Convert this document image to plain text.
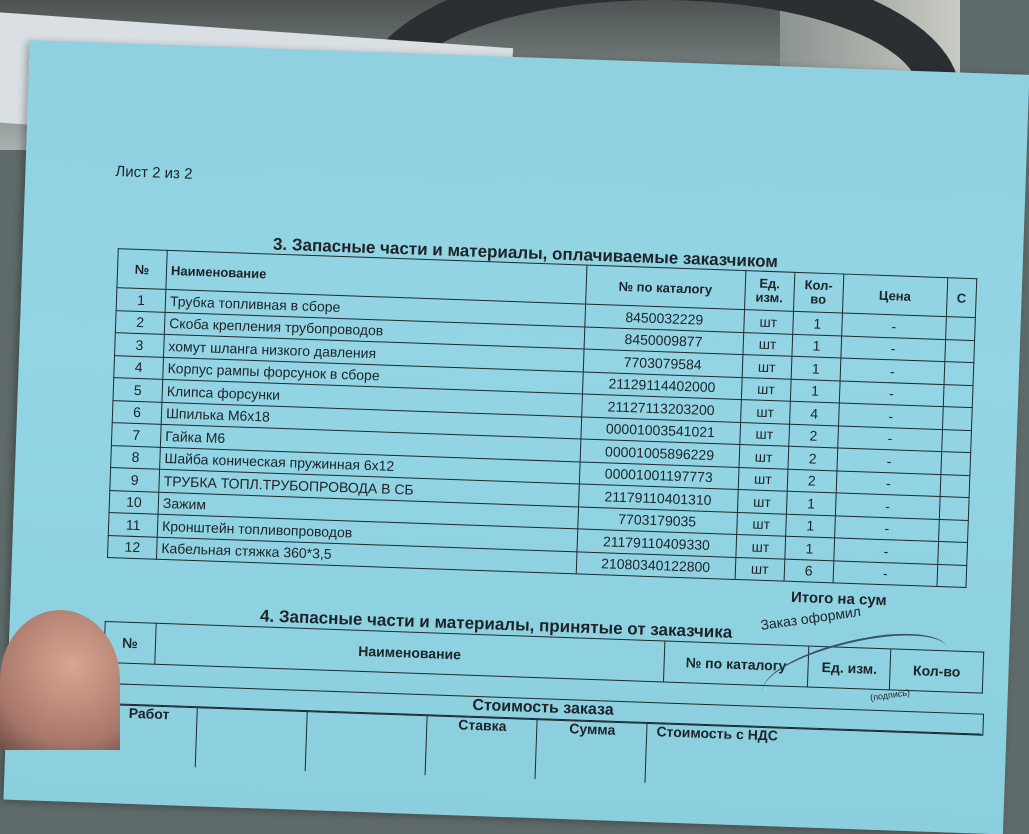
Лист 2 из 2
3. Запасные части и материалы, оплачиваемые заказчиком
№	Наименование	№ по каталогу	Ед. изм.	Кол-во	Цена	С
1	Трубка топливная в сборе	8450032229	шт	1	-	
2	Скоба крепления трубопроводов	8450009877	шт	1	-	
3	хомут шланга низкого давления	7703079584	шт	1	-	
4	Корпус рампы форсунок в сборе	21129114402000	шт	1	-	
5	Клипса форсунки	21127113203200	шт	4	-	
6	Шпилька М6х18	00001003541021	шт	2	-	
7	Гайка М6	00001005896229	шт	2	-	
8	Шайба коническая пружинная 6х12	00001001197773	шт	2	-	
9	ТРУБКА ТОПЛ.ТРУБОПРОВОДА В СБ	21179110401310	шт	1	-	
10	Зажим	7703179035	шт	1	-	
11	Кронштейн топливопроводов	21179110409330	шт	1	-	
12	Кабельная стяжка 360*3,5	21080340122800	шт	6	-	
Итого на сум
4. Запасные части и материалы, принятые от заказчика
№	Наименование	№ по каталогу	Ед. изм.	Кол-во
Стоимость заказа
Работ
Ставка	Сумма	Стоимость с НДС
Заказ оформил
(подпись)
